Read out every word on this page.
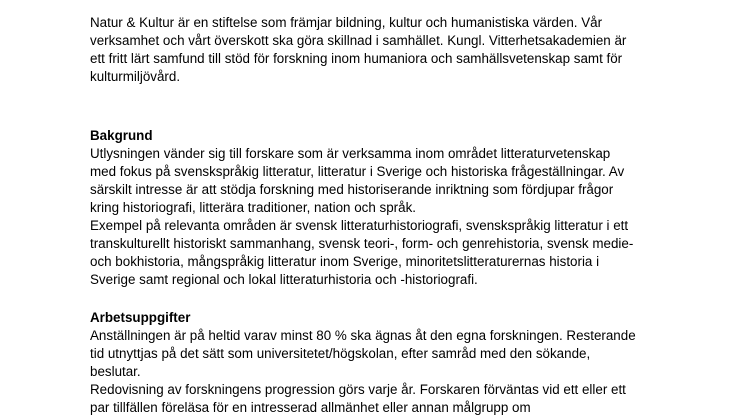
Natur & Kultur är en stiftelse som främjar bildning, kultur och humanistiska värden. Vår
verksamhet och vårt överskott ska göra skillnad i samhället. Kungl. Vitterhetsakademien är
ett fritt lärt samfund till stöd för forskning inom humaniora och samhällsvetenskap samt för
kulturmiljövård.
Bakgrund
Utlysningen vänder sig till forskare som är verksamma inom området litteraturvetenskap
med fokus på svenskspråkig litteratur, litteratur i Sverige och historiska frågeställningar. Av
särskilt intresse är att stödja forskning med historiserande inriktning som fördjupar frågor
kring historiografi, litterära traditioner, nation och språk.
Exempel på relevanta områden är svensk litteraturhistoriografi, svenskspråkig litteratur i ett
transkulturellt historiskt sammanhang, svensk teori-, form- och genrehistoria, svensk medie-
och bokhistoria, mångspråkig litteratur inom Sverige, minoritetslitteraturernas historia i
Sverige samt regional och lokal litteraturhistoria och -historiografi.
Arbetsuppgifter
Anställningen är på heltid varav minst 80 % ska ägnas åt den egna forskningen. Resterande
tid utnyttjas på det sätt som universitetet/högskolan, efter samråd med den sökande,
beslutar.
Redovisning av forskningens progression görs varje år. Forskaren förväntas vid ett eller ett
par tillfällen föreläsa för en intresserad allmänhet eller annan målgrupp om
